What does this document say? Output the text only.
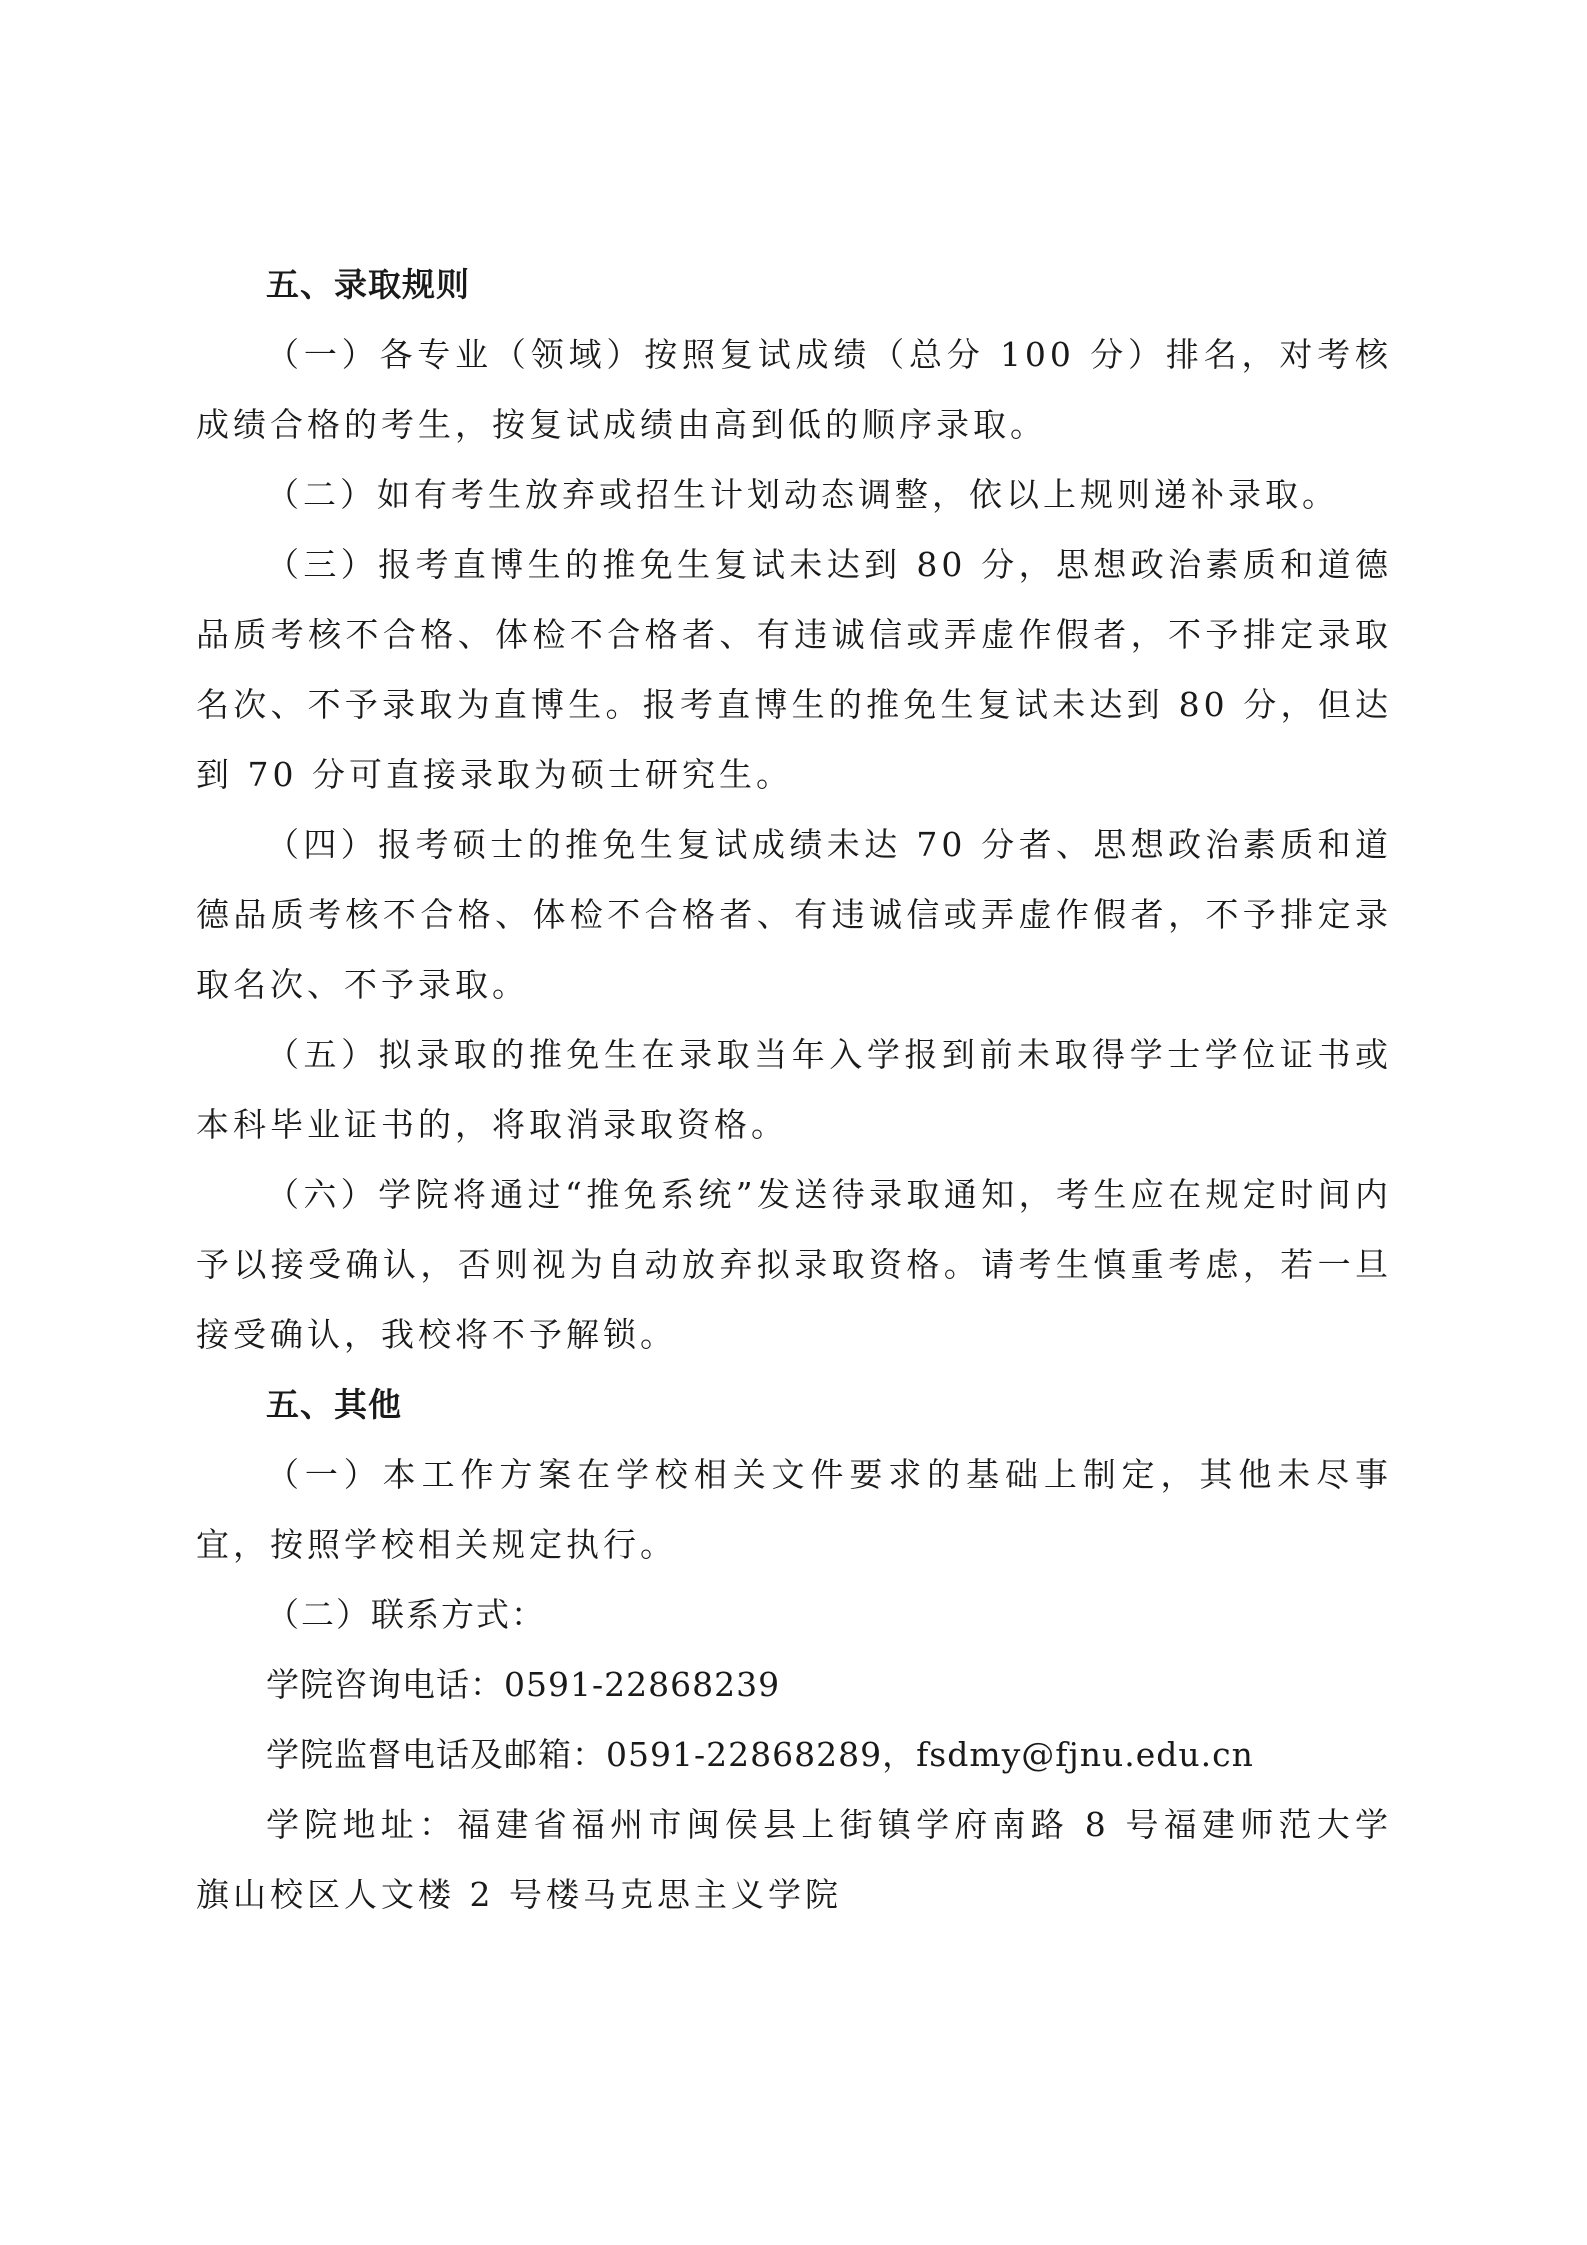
五、录取规则

（一）各专业（领域）按照复试成绩（总分 100 分）排名，对考核成绩合格的考生，按复试成绩由高到低的顺序录取。

（二）如有考生放弃或招生计划动态调整，依以上规则递补录取。

（三）报考直博生的推免生复试未达到 80 分，思想政治素质和道德品质考核不合格、体检不合格者、有违诚信或弄虚作假者，不予排定录取名次、不予录取为直博生。报考直博生的推免生复试未达到 80 分，但达到 70 分可直接录取为硕士研究生。

（四）报考硕士的推免生复试成绩未达 70 分者、思想政治素质和道德品质考核不合格、体检不合格者、有违诚信或弄虚作假者，不予排定录取名次、不予录取。

（五）拟录取的推免生在录取当年入学报到前未取得学士学位证书或本科毕业证书的，将取消录取资格。

（六）学院将通过“推免系统”发送待录取通知，考生应在规定时间内予以接受确认，否则视为自动放弃拟录取资格。请考生慎重考虑，若一旦接受确认，我校将不予解锁。

五、其他

（一）本工作方案在学校相关文件要求的基础上制定，其他未尽事宜，按照学校相关规定执行。

（二）联系方式：

学院咨询电话：0591-22868239

学院监督电话及邮箱：0591-22868289，fsdmy@fjnu.edu.cn

学院地址：福建省福州市闽侯县上街镇学府南路 8 号福建师范大学旗山校区人文楼 2 号楼马克思主义学院
